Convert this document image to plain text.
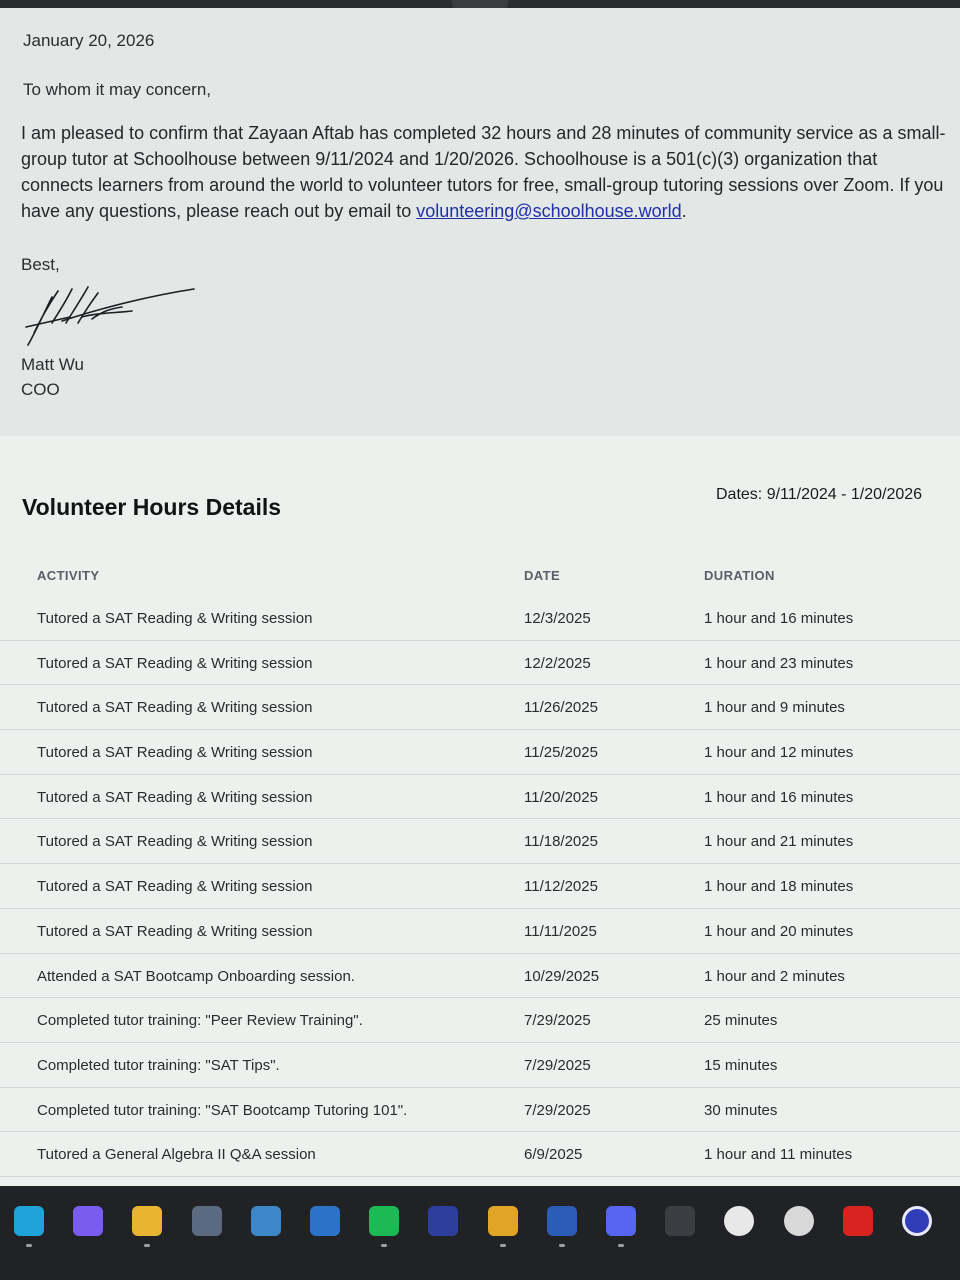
January 20, 2026
To whom it may concern,
I am pleased to confirm that Zayaan Aftab has completed 32 hours and 28 minutes of community service as a small-group tutor at Schoolhouse between 9/11/2024 and 1/20/2026. Schoolhouse is a 501(c)(3) organization that connects learners from around the world to volunteer tutors for free, small-group tutoring sessions over Zoom. If you have any questions, please reach out by email to volunteering@schoolhouse.world.
Best,
Matt Wu
COO
Volunteer Hours Details	Dates: 9/11/2024 - 1/20/2026
ACTIVITY	DATE	DURATION
Tutored a SAT Reading & Writing session	12/3/2025	1 hour and 16 minutes
Tutored a SAT Reading & Writing session	12/2/2025	1 hour and 23 minutes
Tutored a SAT Reading & Writing session	11/26/2025	1 hour and 9 minutes
Tutored a SAT Reading & Writing session	11/25/2025	1 hour and 12 minutes
Tutored a SAT Reading & Writing session	11/20/2025	1 hour and 16 minutes
Tutored a SAT Reading & Writing session	11/18/2025	1 hour and 21 minutes
Tutored a SAT Reading & Writing session	11/12/2025	1 hour and 18 minutes
Tutored a SAT Reading & Writing session	11/11/2025	1 hour and 20 minutes
Attended a SAT Bootcamp Onboarding session.	10/29/2025	1 hour and 2 minutes
Completed tutor training: "Peer Review Training".	7/29/2025	25 minutes
Completed tutor training: "SAT Tips".	7/29/2025	15 minutes
Completed tutor training: "SAT Bootcamp Tutoring 101".	7/29/2025	30 minutes
Tutored a General Algebra II Q&A session	6/9/2025	1 hour and 11 minutes
